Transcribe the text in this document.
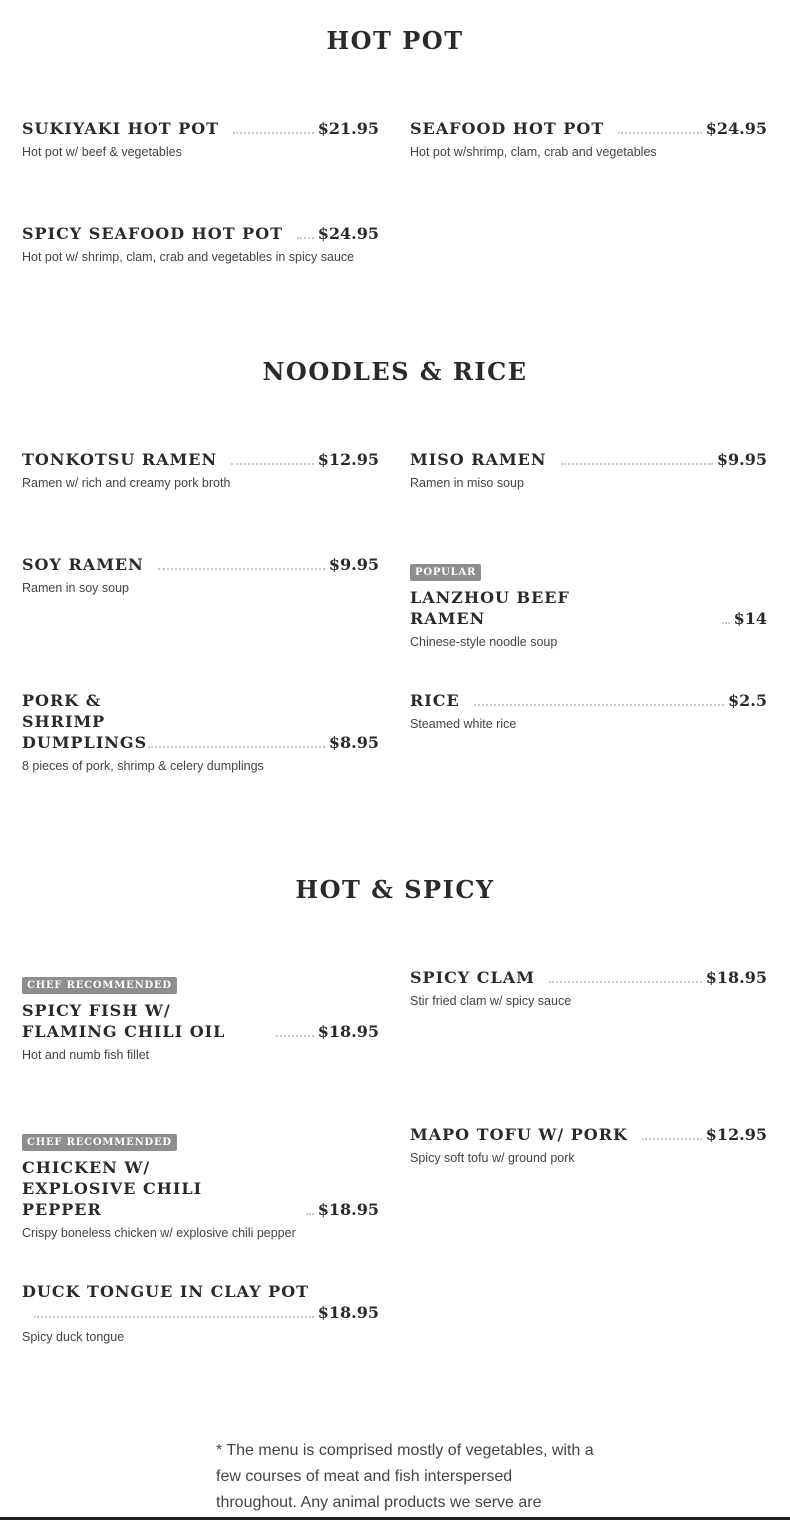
HOT POT
SUKIYAKI HOT POT	$21.95
Hot pot w/ beef & vegetables
SEAFOOD HOT POT	$24.95
Hot pot w/shrimp, clam, crab and vegetables
SPICY SEAFOOD HOT POT $24.95
Hot pot w/ shrimp, clam, crab and vegetables in spicy sauce
NOODLES & RICE
TONKOTSU RAMEN	$12.95
Ramen w/ rich and creamy pork broth
MISO RAMEN	$9.95
Ramen in miso soup
SOY RAMEN	$9.95
Ramen in soy soup
POPULAR
LANZHOU BEEF RAMEN	$14
Chinese-style noodle soup
PORK & SHRIMP DUMPLINGS	$8.95
8 pieces of pork, shrimp & celery dumplings
RICE	$2.5
Steamed white rice
HOT & SPICY
CHEF RECOMMENDED
SPICY FISH W/ FLAMING CHILI OIL	$18.95
Hot and numb fish fillet
SPICY CLAM	$18.95
Stir fried clam w/ spicy sauce
CHEF RECOMMENDED
CHICKEN W/ EXPLOSIVE CHILI PEPPER	$18.95
Crispy boneless chicken w/ explosive chili pepper
MAPO TOFU W/ PORK	$12.95
Spicy soft tofu w/ ground pork
DUCK TONGUE IN CLAY POT
$18.95
Spicy duck tongue
* The menu is comprised mostly of vegetables, with a few courses of meat and fish interspersed throughout. Any animal products we serve are
